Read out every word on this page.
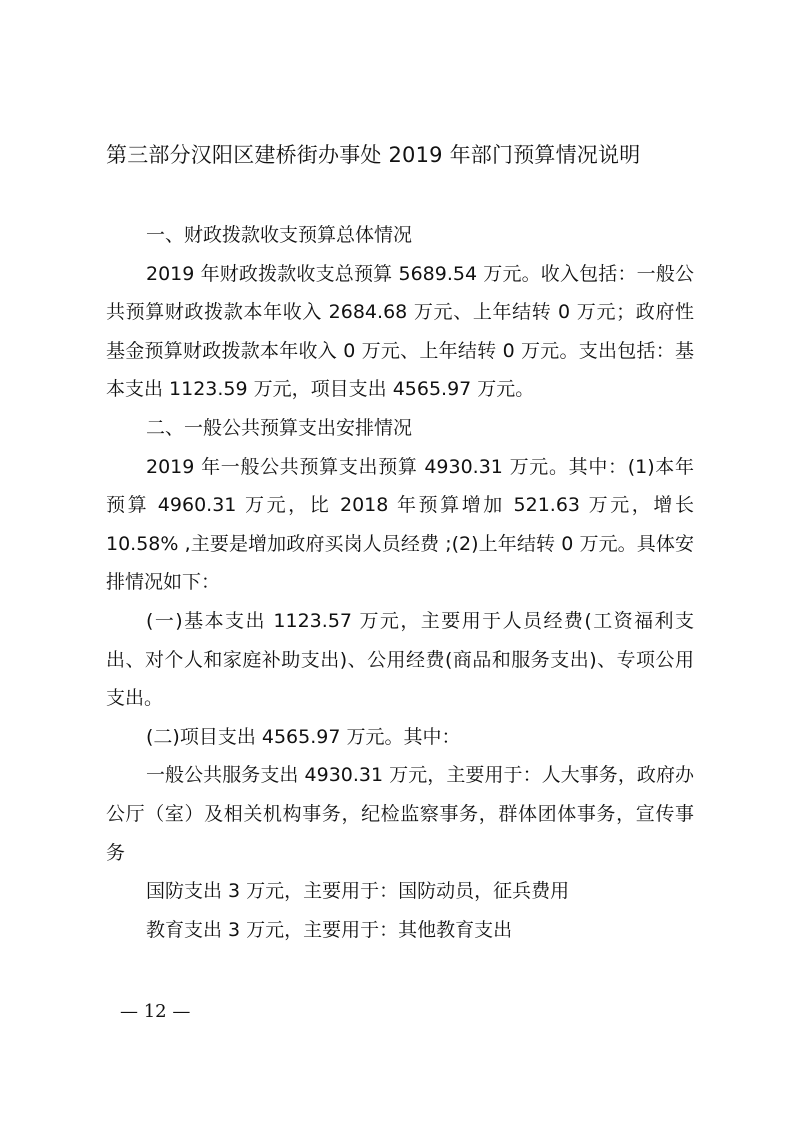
第三部分汉阳区建桥街办事处 2019 年部门预算情况说明

一、财政拨款收支预算总体情况

2019 年财政拨款收支总预算 5689.54 万元。收入包括：一般公共预算财政拨款本年收入 2684.68 万元、上年结转 0 万元；政府性基金预算财政拨款本年收入 0 万元、上年结转 0 万元。支出包括：基本支出 1123.59 万元，项目支出 4565.97 万元。

二、一般公共预算支出安排情况

2019 年一般公共预算支出预算 4930.31 万元。其中：(1)本年预算 4960.31 万元，比 2018 年预算增加 521.63 万元，增长 10.58% ,主要是增加政府买岗人员经费 ;(2)上年结转 0 万元。具体安排情况如下：

(一)基本支出 1123.57 万元，主要用于人员经费(工资福利支出、对个人和家庭补助支出)、公用经费(商品和服务支出)、专项公用支出。

(二)项目支出 4565.97 万元。其中：

一般公共服务支出 4930.31 万元，主要用于：人大事务，政府办公厅（室）及相关机构事务，纪检监察事务，群体团体事务，宣传事务

国防支出 3 万元，主要用于：国防动员，征兵费用

教育支出 3 万元，主要用于：其他教育支出

— 12 —
